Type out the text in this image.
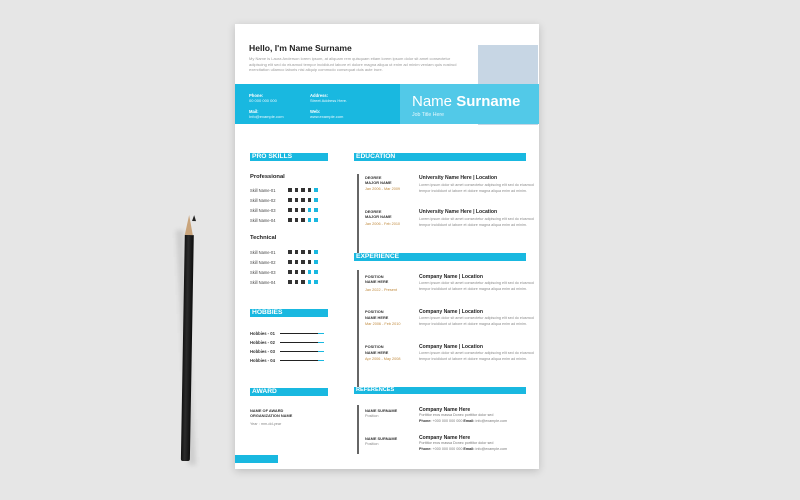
Hello, I'm Name Surname
My Name is Laura Anderson lorem ipsum, at aliquam rem quisquam etiam lorem ipsum dolor sit amet consectetur adipiscing elit sed do eiusmod tempor incididunt labore et dolore magna aliqua ut enim ad minim veniam quis nostrud exercitation ullamco laboris nisi aliquip commodo consequat duis aute irure.
Phone:
00 000 000 000
Mail:
Info@example.com
Address:
Street Address Here.
Web:
www.example.com
Name Surname
Job Title Here
PRO SKILLS
Professional
Skill Name-01
Skill Name-02
Skill Name-03
Skill Name-04
Technical
Skill Name-01
Skill Name-02
Skill Name-03
Skill Name-04
HOBBIES
Hobbies - 01
Hobbies - 02
Hobbies - 03
Hobbies - 04
AWARD
NAME OF AWARD
ORGANIZATION NAME
Year : mm-dd-year
EDUCATION
DEGREE
MAJOR NAME
Jan 2006 - Mar 2009
University Name Here | Location
Lorem ipsum dolor sit amet consectetur adipiscing elit sed do eiusmod tempor incididunt ut labore et dolore magna aliqua enim ad minim.
DEGREE
MAJOR NAME
Jan 2006 - Feb 2010
University Name Here | Location
Lorem ipsum dolor sit amet consectetur adipiscing elit sed do eiusmod tempor incididunt ut labore et dolore magna aliqua enim ad minim.
EXPERIENCE
POSITION
NAME HERE
Jan 2022 - Present
Company Name | Location
Lorem ipsum dolor sit amet consectetur adipiscing elit sed do eiusmod tempor incididunt ut labore et dolore magna aliqua enim ad minim.
POSITION
NAME HERE
Mar 2006 - Feb 2010
Company Name | Location
Lorem ipsum dolor sit amet consectetur adipiscing elit sed do eiusmod tempor incididunt ut labore et dolore magna aliqua enim ad minim.
POSITION
NAME HERE
Apr 2006 - May 2008
Company Name | Location
Lorem ipsum dolor sit amet consectetur adipiscing elit sed do eiusmod tempor incididunt ut labore et dolore magna aliqua enim ad minim.
REFERENCES
NAME SURNAME
Position
Company Name Here
Porttitor eros massa Donec porttitor dolor sed
Phone: +000 000 000 000 Email: info@example.com
NAME SURNAME
Position
Company Name Here
Porttitor eros massa Donec porttitor dolor sed
Phone: +000 000 000 000 Email: info@example.com
